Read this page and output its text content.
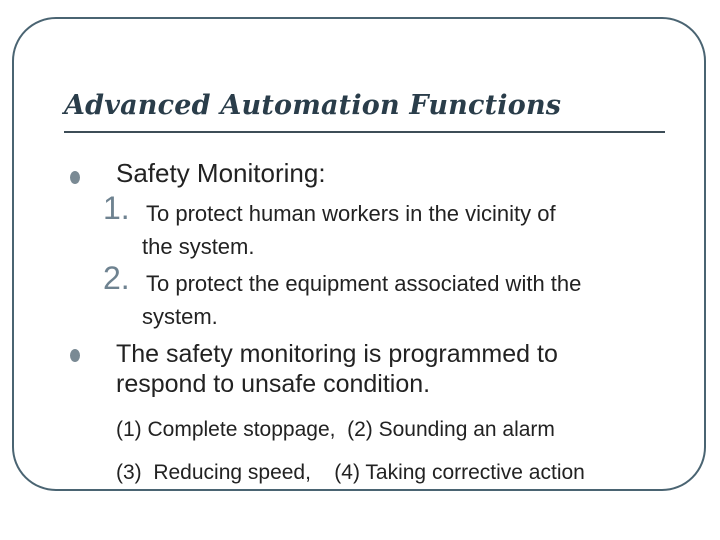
Advanced Automation Functions
Safety Monitoring:
1. To protect human workers in the vicinity of
the system.
2. To protect the equipment associated with the
system.
The safety monitoring is programmed to
respond to unsafe condition.
(1) Complete stoppage,  (2) Sounding an alarm
(3)  Reducing speed,    (4) Taking corrective action
